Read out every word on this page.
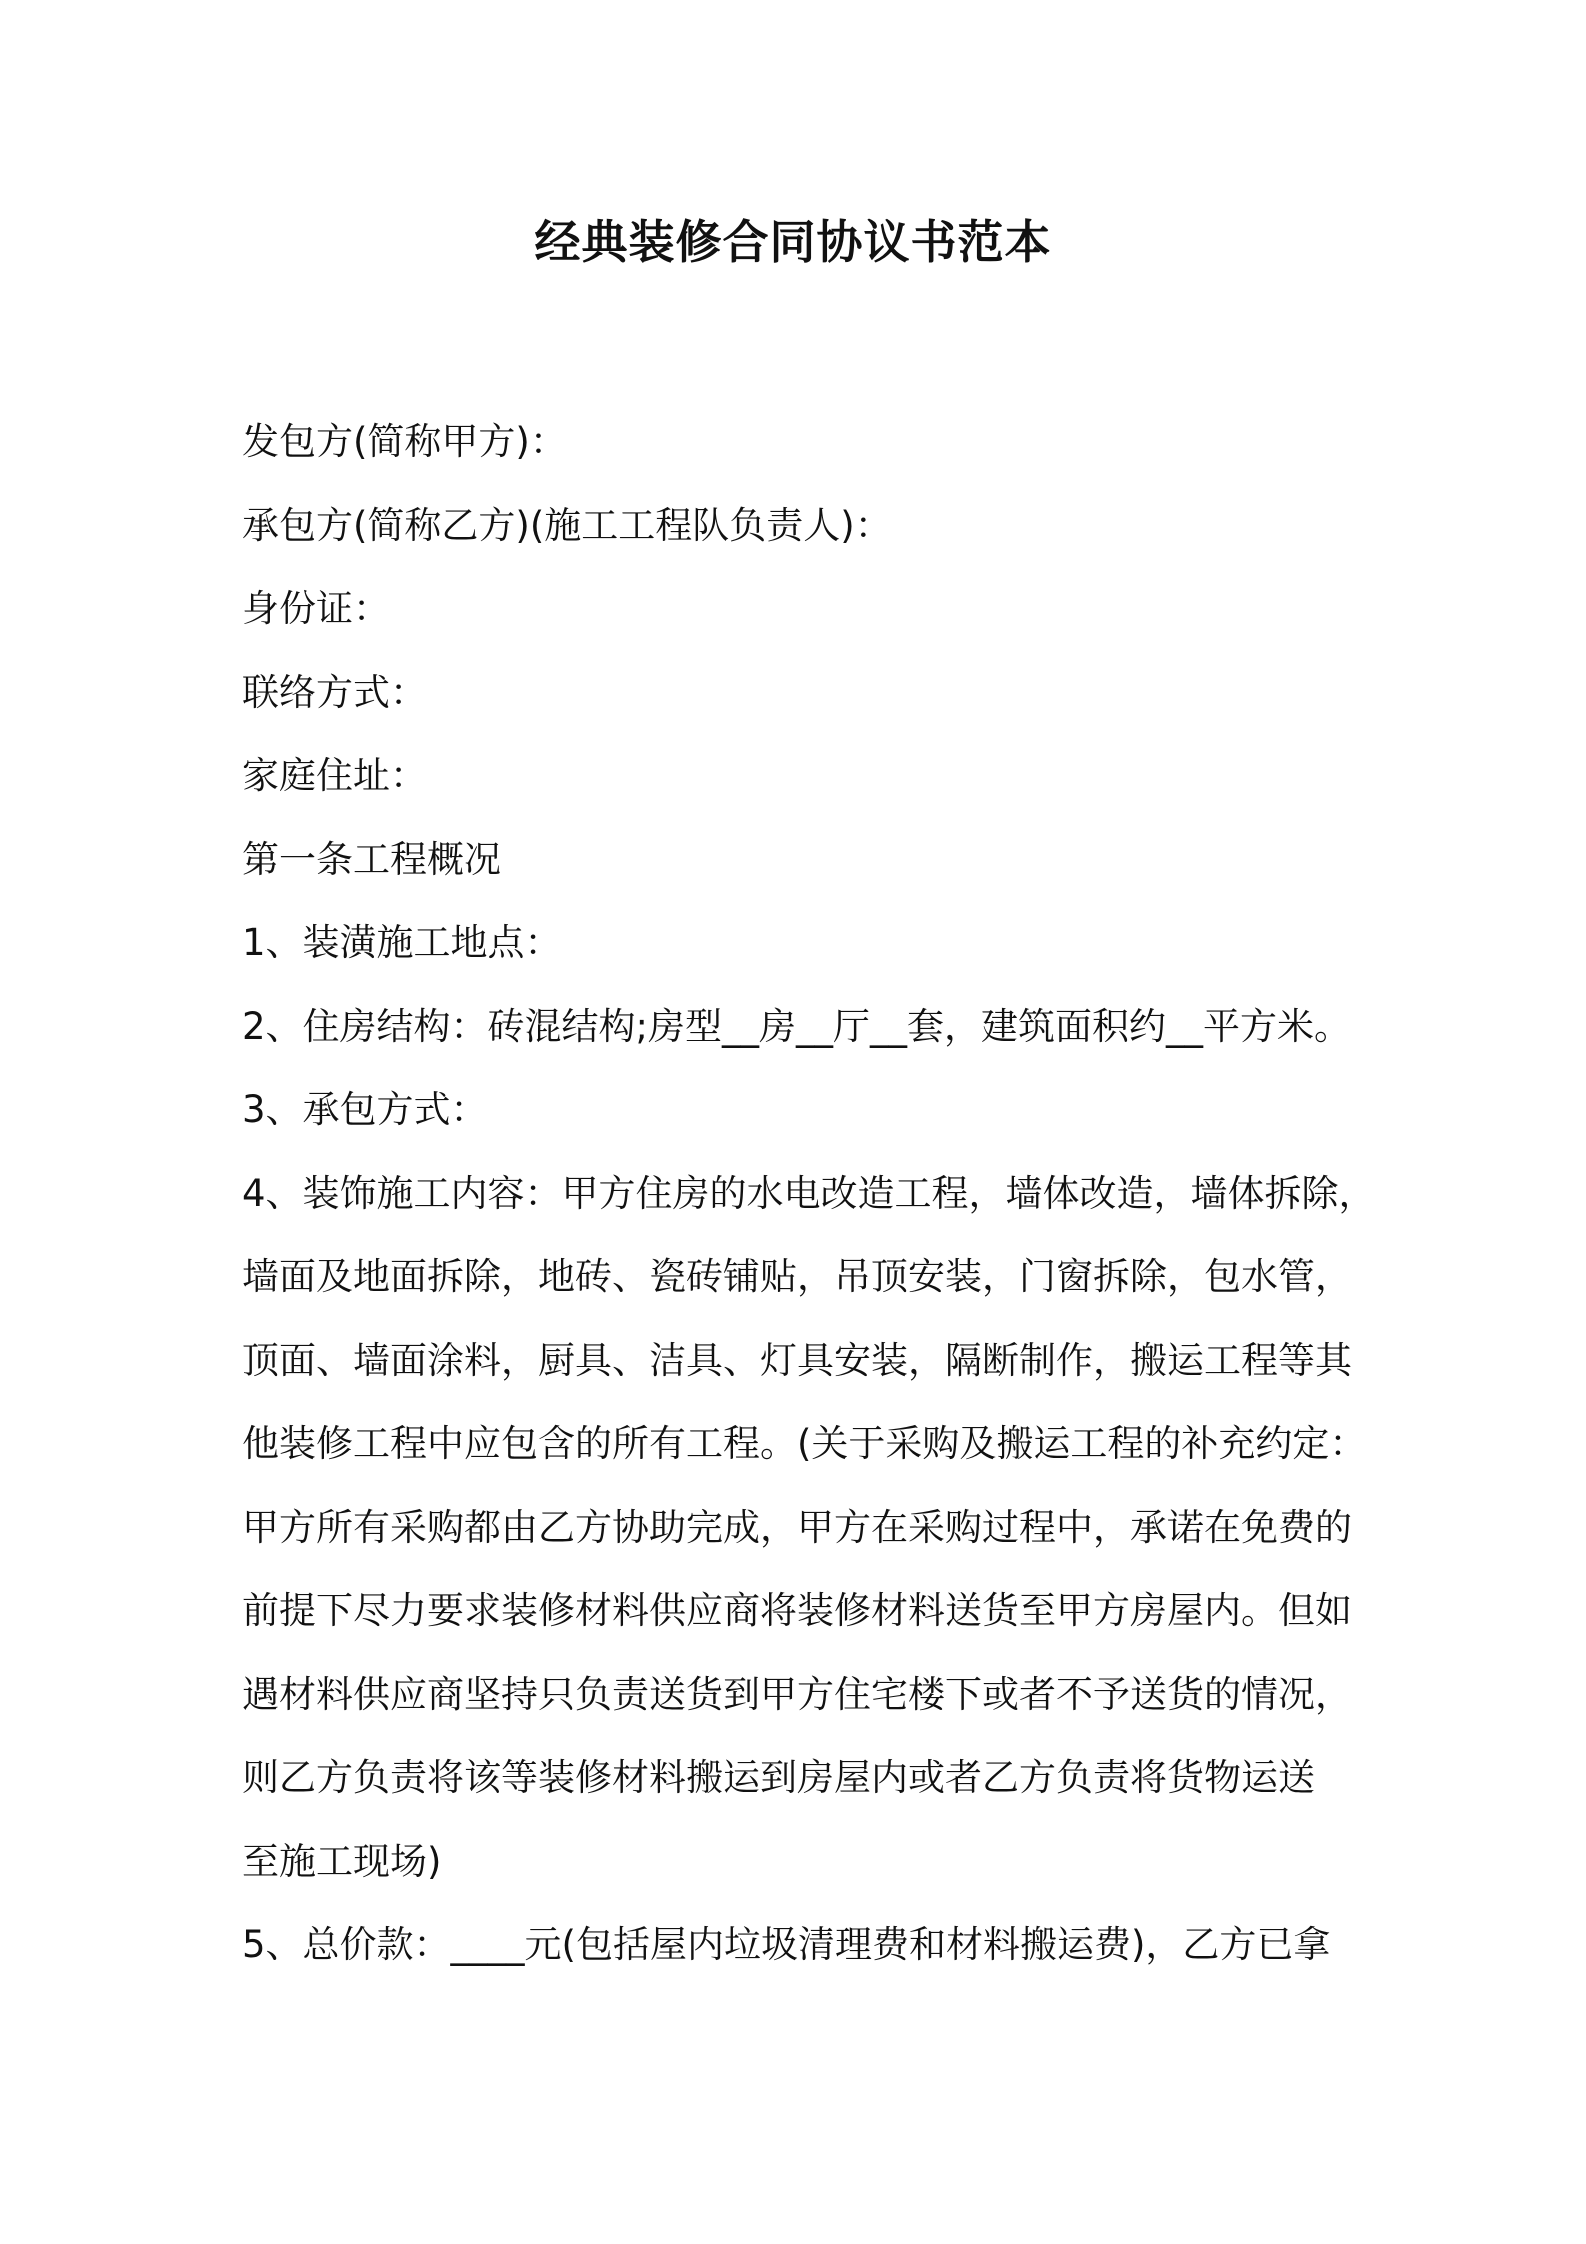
经典装修合同协议书范本

发包方(简称甲方)：

承包方(简称乙方)(施工工程队负责人)：

身份证：

联络方式：

家庭住址：

第一条工程概况

1、装潢施工地点：

2、住房结构：砖混结构;房型__房__厅__套，建筑面积约__平方米。

3、承包方式：

4、装饰施工内容：甲方住房的水电改造工程，墙体改造，墙体拆除，

墙面及地面拆除，地砖、瓷砖铺贴，吊顶安装，门窗拆除，包水管，

顶面、墙面涂料，厨具、洁具、灯具安装，隔断制作，搬运工程等其

他装修工程中应包含的所有工程。(关于采购及搬运工程的补充约定：

甲方所有采购都由乙方协助完成，甲方在采购过程中，承诺在免费的

前提下尽力要求装修材料供应商将装修材料送货至甲方房屋内。但如

遇材料供应商坚持只负责送货到甲方住宅楼下或者不予送货的情况，

则乙方负责将该等装修材料搬运到房屋内或者乙方负责将货物运送

至施工现场)

5、总价款：____元(包括屋内垃圾清理费和材料搬运费)，乙方已拿
